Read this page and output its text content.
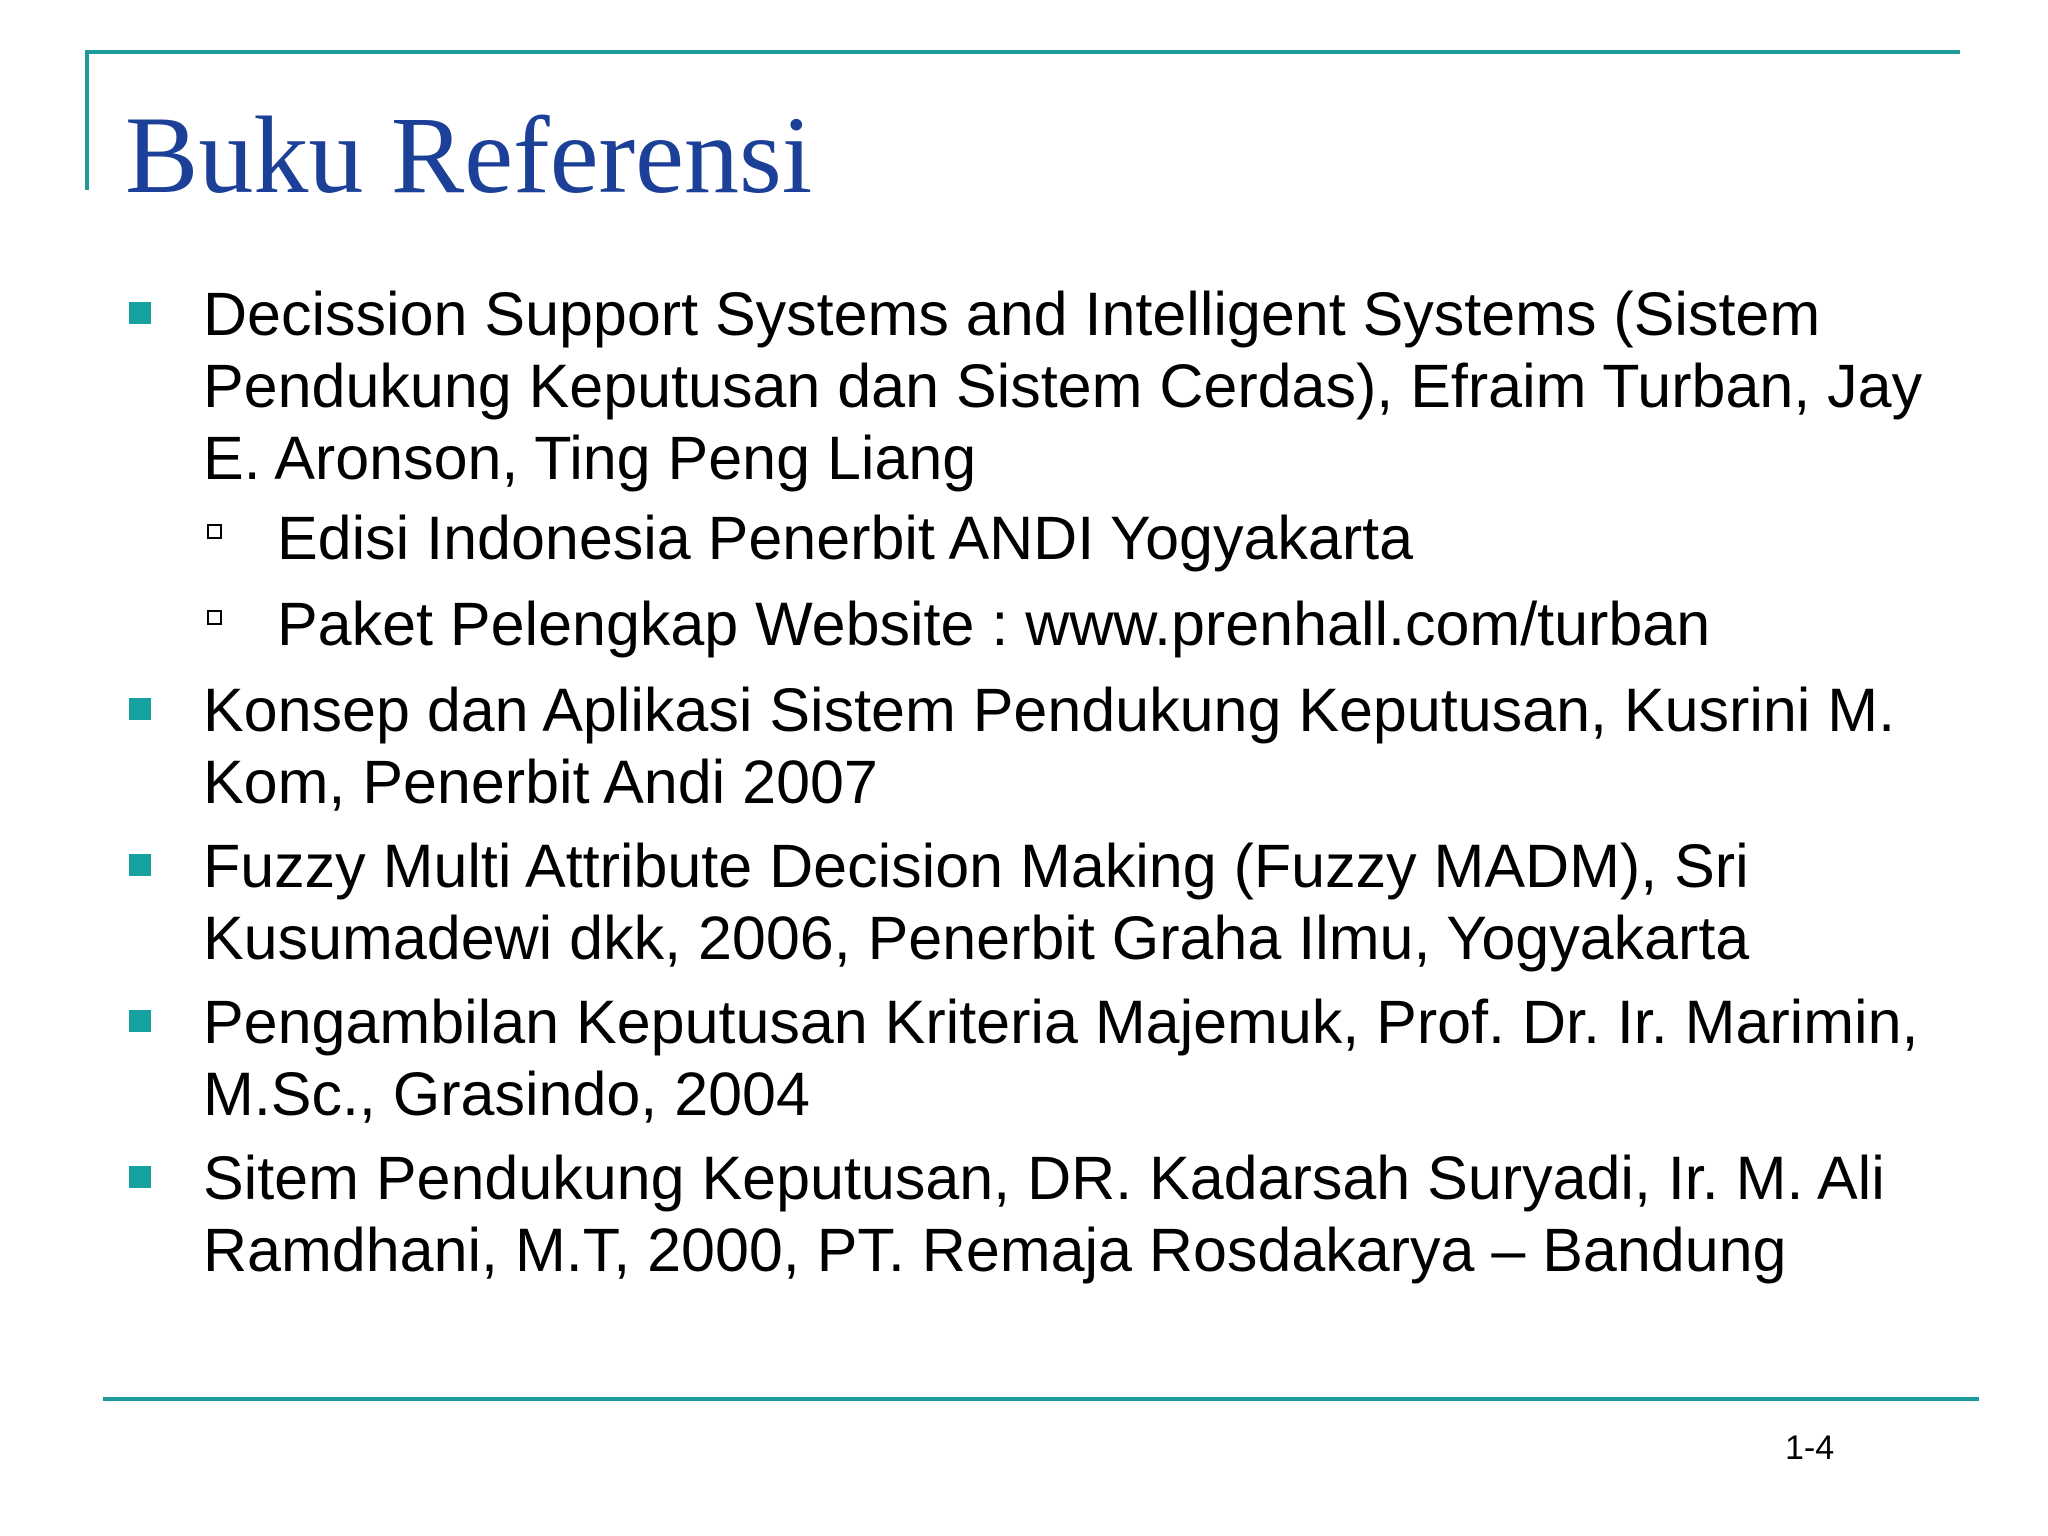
Buku Referensi
Decission Support Systems and Intelligent Systems (Sistem Pendukung Keputusan dan Sistem Cerdas), Efraim Turban, Jay E. Aronson, Ting Peng Liang
Edisi Indonesia Penerbit ANDI Yogyakarta
Paket Pelengkap Website : www.prenhall.com/turban
Konsep dan Aplikasi Sistem Pendukung Keputusan, Kusrini M. Kom, Penerbit Andi 2007
Fuzzy Multi Attribute Decision Making (Fuzzy MADM), Sri Kusumadewi dkk, 2006, Penerbit Graha Ilmu, Yogyakarta
Pengambilan Keputusan Kriteria Majemuk, Prof. Dr. Ir. Marimin, M.Sc., Grasindo, 2004
Sitem Pendukung Keputusan, DR. Kadarsah Suryadi, Ir. M. Ali Ramdhani, M.T, 2000, PT. Remaja Rosdakarya – Bandung
1-4
